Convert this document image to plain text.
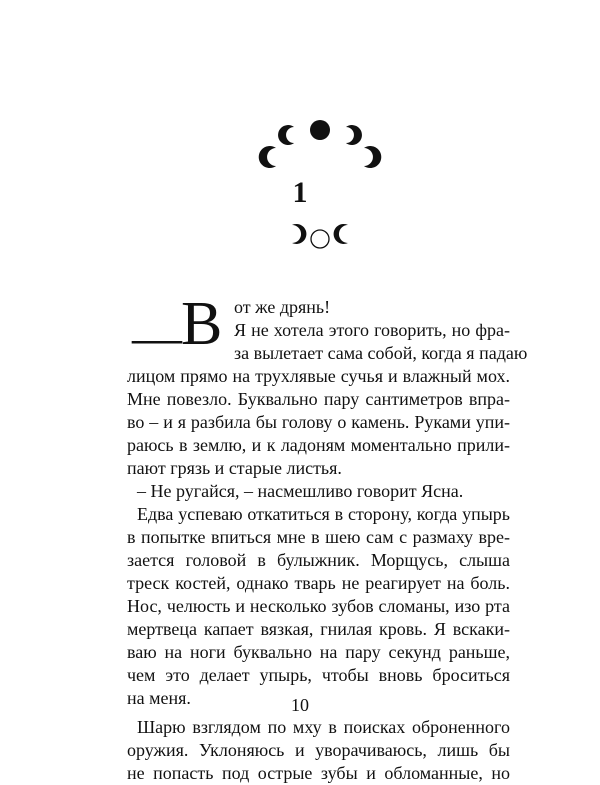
1
— В от же дрянь!
Я не хотела этого говорить, но фра-
за вылетает сама собой, когда я падаю
лицом прямо на трухлявые сучья и влажный мох.
Мне повезло. Буквально пару сантиметров впра-
во – и я разбила бы голову о камень. Руками упи-
раюсь в землю, и к ладоням моментально прили-
пают грязь и старые листья.
– Не ругайся, – насмешливо говорит Ясна.
Едва успеваю откатиться в сторону, когда упырь
в попытке впиться мне в шею сам с размаху вре-
зается головой в булыжник. Морщусь, слыша
треск костей, однако тварь не реагирует на боль.
Нос, челюсть и несколько зубов сломаны, изо рта
мертвеца капает вязкая, гнилая кровь. Я вскаки-
ваю на ноги буквально на пару секунд раньше,
чем это делает упырь, чтобы вновь броситься
на меня.
Шарю взглядом по мху в поисках оброненного
оружия. Уклоняюсь и уворачиваюсь, лишь бы
не попасть под острые зубы и обломанные, но
10
